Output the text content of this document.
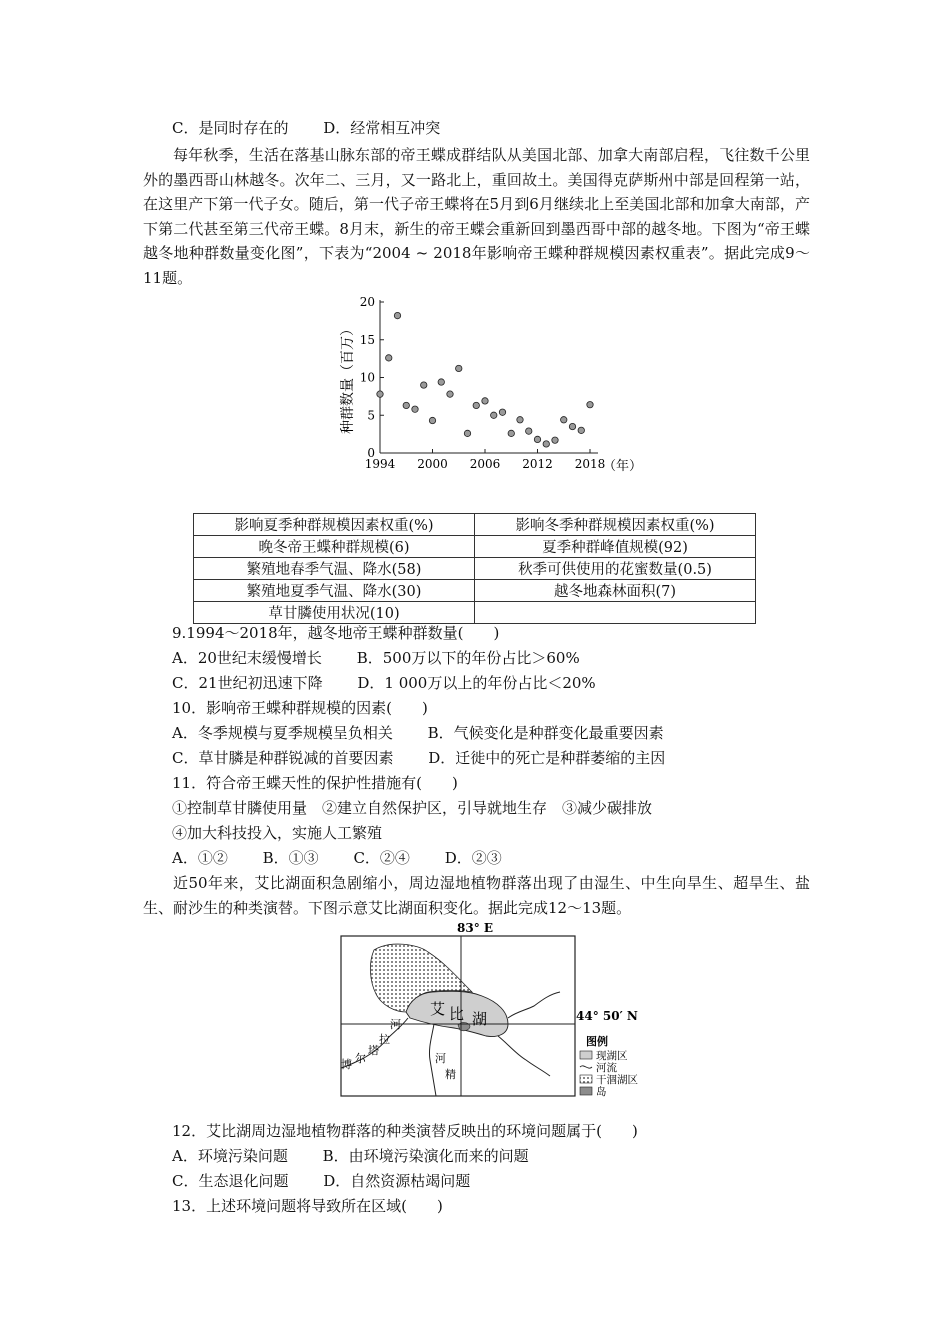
C．是同时存在的 D．经常相互冲突
每年秋季，生活在落基山脉东部的帝王蝶成群结队从美国北部、加拿大南部启程，飞往数千公里外的墨西哥山林越冬。次年二、三月，又一路北上，重回故土。美国得克萨斯州中部是回程第一站，在这里产下第一代子女。随后，第一代子帝王蝶将在5月到6月继续北上至美国北部和加拿大南部，产下第二代甚至第三代帝王蝶。8月末，新生的帝王蝶会重新回到墨西哥中部的越冬地。下图为“帝王蝶越冬地种群数量变化图”，下表为“2004 ~ 2018年影响帝王蝶种群规模因素权重表”。据此完成9～11题。
0
5
10
15
20
1994 2000 2006 2012 2018
种群数量（百万）
（年）
影响夏季种群规模因素权重(%)	影响冬季种群规模因素权重(%)
晚冬帝王蝶种群规模(6)	夏季种群峰值规模(92)
繁殖地春季气温、降水(58)	秋季可供使用的花蜜数量(0.5)
繁殖地夏季气温、降水(30)	越冬地森林面积(7)
草甘膦使用状况(10)	
9.1994～2018年，越冬地帝王蝶种群数量(　　)
A．20世纪末缓慢增长 B．500万以下的年份占比＞60%
C．21世纪初迅速下降 D．1 000万以上的年份占比＜20%
10．影响帝王蝶种群规模的因素(　　)
A．冬季规模与夏季规模呈负相关 B．气候变化是种群变化最重要因素
C．草甘膦是种群锐减的首要因素 D．迁徙中的死亡是种群萎缩的主因
11．符合帝王蝶天性的保护性措施有(　　)
①控制草甘膦使用量　②建立自然保护区，引导就地生存　③减少碳排放
④加大科技投入，实施人工繁殖
A．①② B．①③ C．②④ D．②③
近50年来，艾比湖面积急剧缩小，周边湿地植物群落出现了由湿生、中生向旱生、超旱生、盐生、耐沙生的种类演替。下图示意艾比湖面积变化。据此完成12～13题。
83° E
艾 比 湖	44° 50′ N
河
博 尔
塔
拉
河
精
图例
现湖区
河流
干涸湖区
岛
12．艾比湖周边湿地植物群落的种类演替反映出的环境问题属于(　　)
A．环境污染问题 B．由环境污染演化而来的问题
C．生态退化问题 D．自然资源枯竭问题
13．上述环境问题将导致所在区域(　　)
